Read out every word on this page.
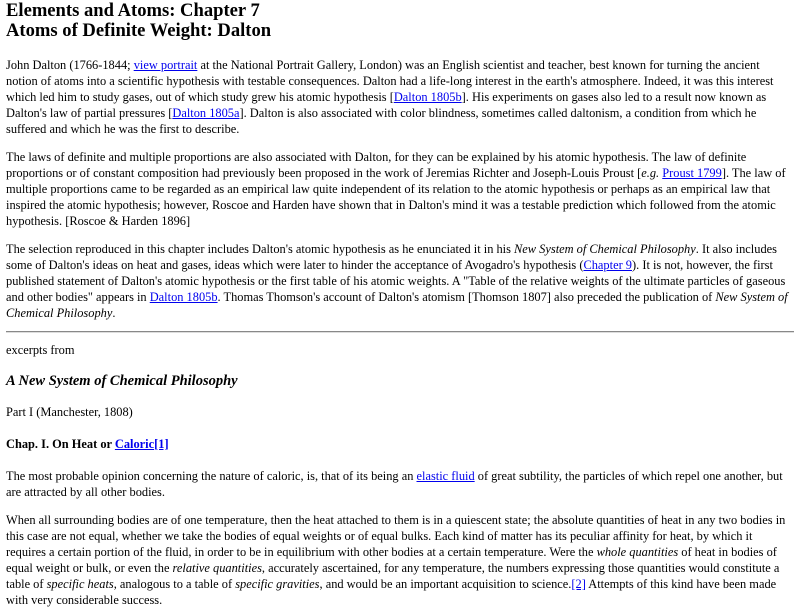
Elements and Atoms: Chapter 7
Atoms of Definite Weight: Dalton

John Dalton (1766-1844; view portrait at the National Portrait Gallery, London) was an English scientist and teacher, best known for turning the ancient notion of atoms into a scientific hypothesis with testable consequences. Dalton had a life-long interest in the earth's atmosphere. Indeed, it was this interest which led him to study gases, out of which study grew his atomic hypothesis [Dalton 1805b]. His experiments on gases also led to a result now known as Dalton's law of partial pressures [Dalton 1805a]. Dalton is also associated with color blindness, sometimes called daltonism, a condition from which he suffered and which he was the first to describe.

The laws of definite and multiple proportions are also associated with Dalton, for they can be explained by his atomic hypothesis. The law of definite proportions or of constant composition had previously been proposed in the work of Jeremias Richter and Joseph-Louis Proust [e.g. Proust 1799]. The law of multiple proportions came to be regarded as an empirical law quite independent of its relation to the atomic hypothesis or perhaps as an empirical law that inspired the atomic hypothesis; however, Roscoe and Harden have shown that in Dalton's mind it was a testable prediction which followed from the atomic hypothesis. [Roscoe & Harden 1896]

The selection reproduced in this chapter includes Dalton's atomic hypothesis as he enunciated it in his New System of Chemical Philosophy. It also includes some of Dalton's ideas on heat and gases, ideas which were later to hinder the acceptance of Avogadro's hypothesis (Chapter 9). It is not, however, the first published statement of Dalton's atomic hypothesis or the first table of his atomic weights. A "Table of the relative weights of the ultimate particles of gaseous and other bodies" appears in Dalton 1805b. Thomas Thomson's account of Dalton's atomism [Thomson 1807] also preceded the publication of New System of Chemical Philosophy.

excerpts from

A New System of Chemical Philosophy

Part I (Manchester, 1808)

Chap. I. On Heat or Caloric[1]

The most probable opinion concerning the nature of caloric, is, that of its being an elastic fluid of great subtility, the particles of which repel one another, but are attracted by all other bodies.

When all surrounding bodies are of one temperature, then the heat attached to them is in a quiescent state; the absolute quantities of heat in any two bodies in this case are not equal, whether we take the bodies of equal weights or of equal bulks. Each kind of matter has its peculiar affinity for heat, by which it requires a certain portion of the fluid, in order to be in equilibrium with other bodies at a certain temperature. Were the whole quantities of heat in bodies of equal weight or bulk, or even the relative quantities, accurately ascertained, for any temperature, the numbers expressing those quantities would constitute a table of specific heats, analogous to a table of specific gravities, and would be an important acquisition to science.[2] Attempts of this kind have been made with very considerable success.
